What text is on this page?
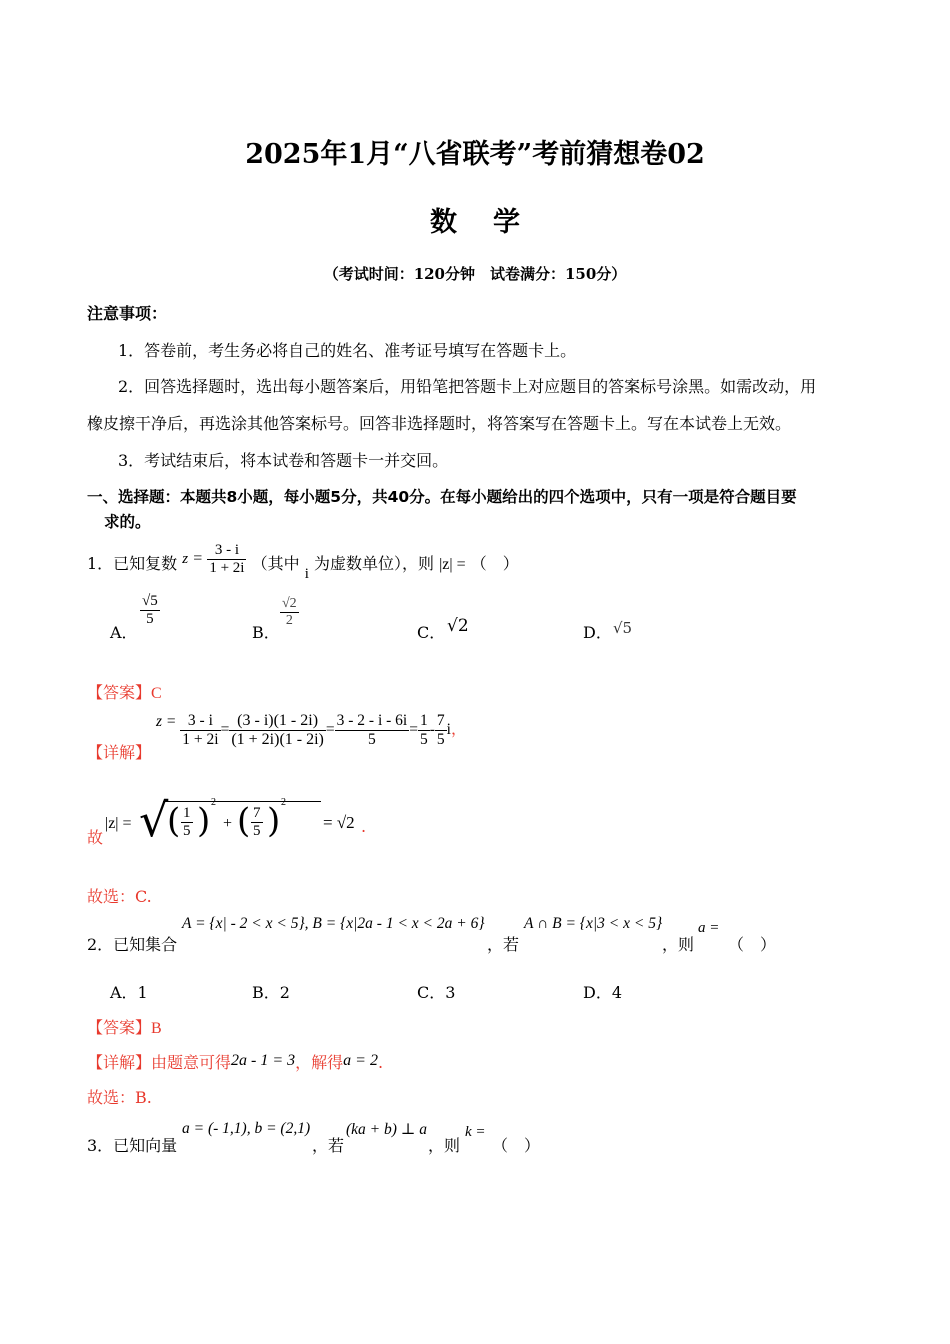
2025年1月“八省联考”考前猜想卷02
数学
（考试时间：120分钟　试卷满分：150分）
注意事项：
1．答卷前，考生务必将自己的姓名、准考证号填写在答题卡上。
2．回答选择题时，选出每小题答案后，用铅笔把答题卡上对应题目的答案标号涂黑。如需改动，用
橡皮擦干净后，再选涂其他答案标号。回答非选择题时，将答案写在答题卡上。写在本试卷上无效。
3．考试结束后，将本试卷和答题卡一并交回。
一、选择题：本题共8小题，每小题5分，共40分。在每小题给出的四个选项中，只有一项是符合题目要
求的。
1．已知复数 $z = \frac{3 - i}{1 + 2i}$ （其中 i 为虚数单位），则 |z| = （　）
A．
$\frac{√5}{5}$
B．
$\frac{√2}{2}$
C． √2	D． √5
【答案】C
【详解】
$z = \frac{3 - i}{1 + 2i} = \frac{(3 - i)(1 - 2i)}{(1 + 2i)(1 - 2i)} = \frac{3 - 2 - i - 6i}{5} = \frac{1}{5} - \frac{7}{5}$ i，
故
|z| = √
( $\frac{1}{5}$ ) 2
+ ( $\frac{7}{5}$ ) 2
= √2 .
故选：C.
2．已知集合
A = {x| - 2 < x < 5}, B = {x|2a - 1 < x < 2a + 6}
，若
A ∩ B = {x|3 < x < 5}
，则
a =
（　）
A．1	B．2	C．3	D．4
【答案】B
【详解】由题意可得2a - 1 = 3，解得a = 2.
故选：B.
3．已知向量
a = (- 1,1), b = (2,1)
，若
(ka + b) ⊥ a
，则
k =
（　）
